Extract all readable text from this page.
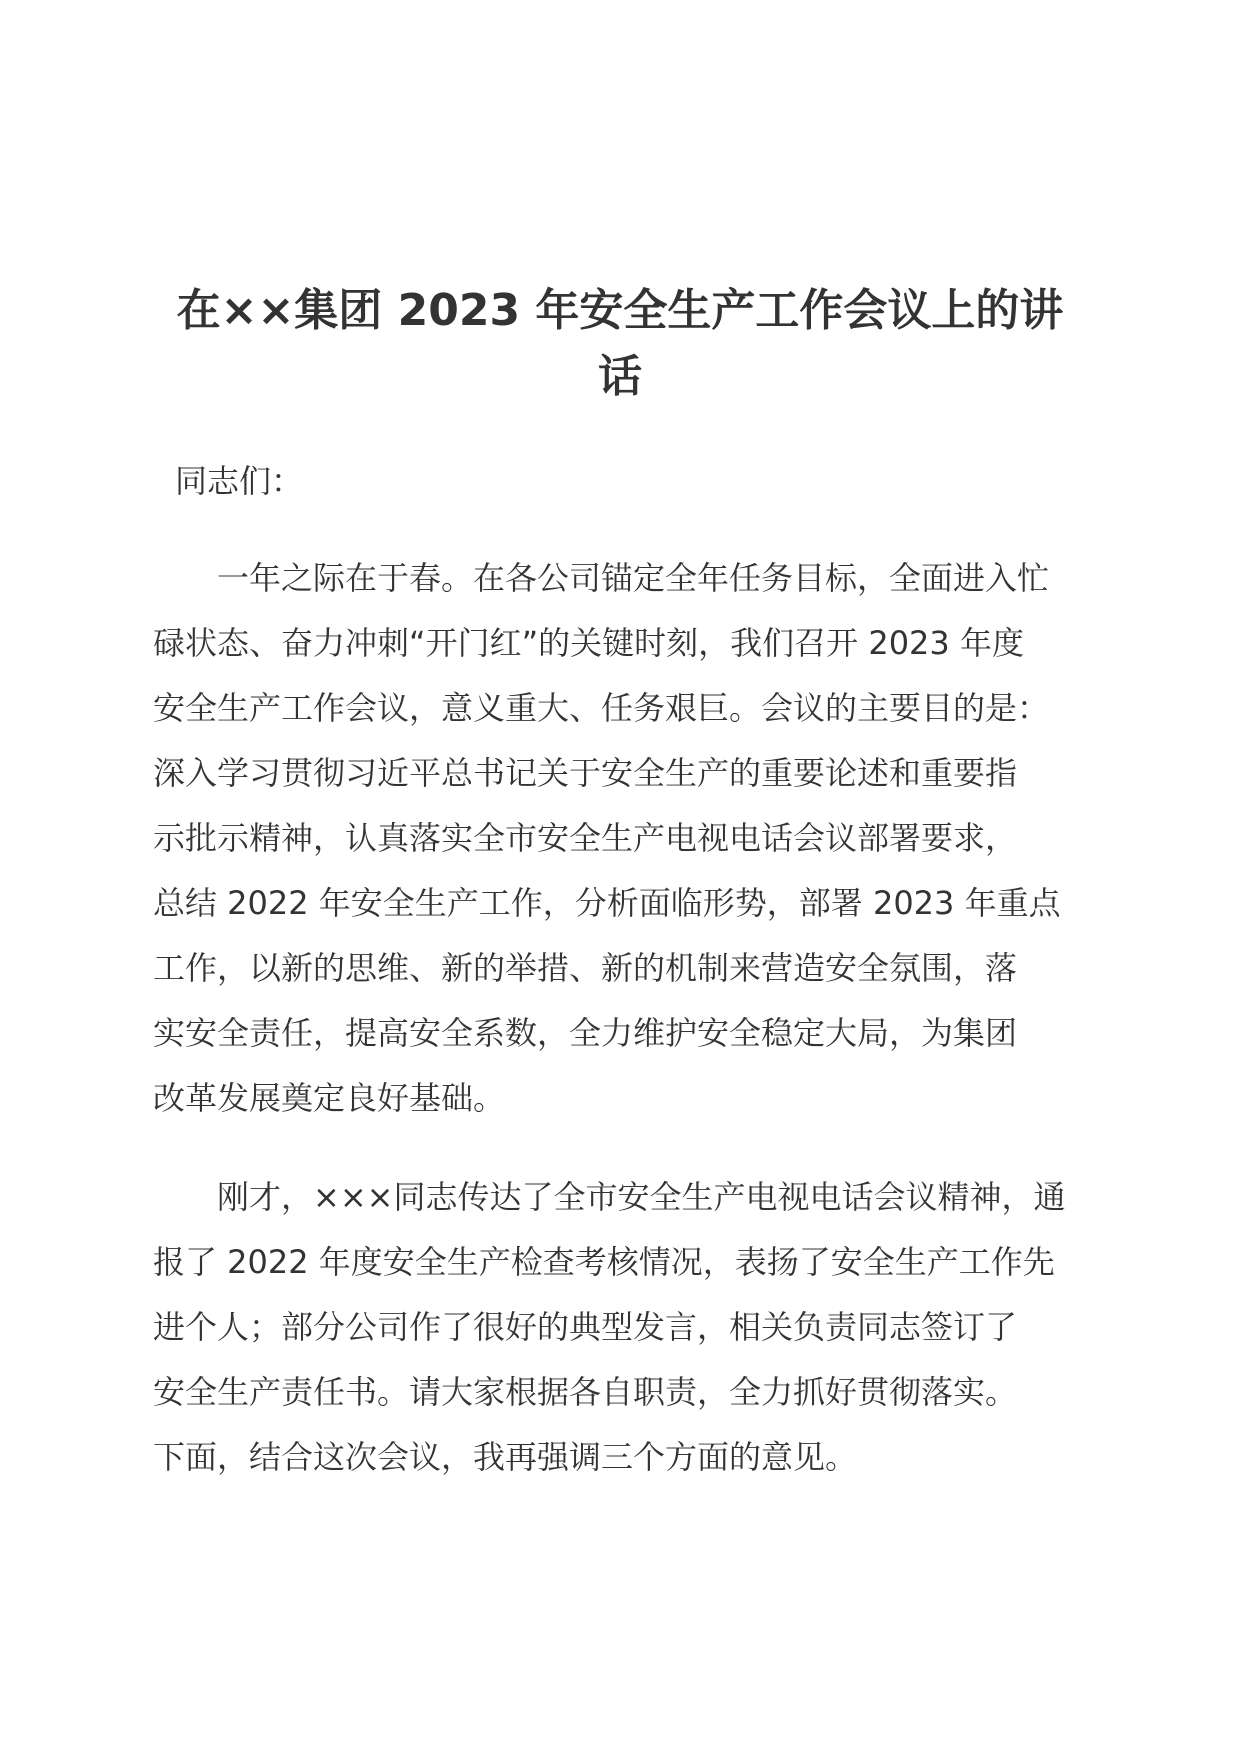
在××集团 2023 年安全生产工作会议上的讲
话

同志们：

一年之际在于春。在各公司锚定全年任务目标，全面进入忙
碌状态、奋力冲刺“开门红”的关键时刻，我们召开 2023 年度
安全生产工作会议，意义重大、任务艰巨。会议的主要目的是：
深入学习贯彻习近平总书记关于安全生产的重要论述和重要指
示批示精神，认真落实全市安全生产电视电话会议部署要求，
总结 2022 年安全生产工作，分析面临形势，部署 2023 年重点
工作，以新的思维、新的举措、新的机制来营造安全氛围，落
实安全责任，提高安全系数，全力维护安全稳定大局，为集团
改革发展奠定良好基础。

刚才，×××同志传达了全市安全生产电视电话会议精神，通
报了 2022 年度安全生产检查考核情况，表扬了安全生产工作先
进个人；部分公司作了很好的典型发言，相关负责同志签订了
安全生产责任书。请大家根据各自职责，全力抓好贯彻落实。
下面，结合这次会议，我再强调三个方面的意见。
